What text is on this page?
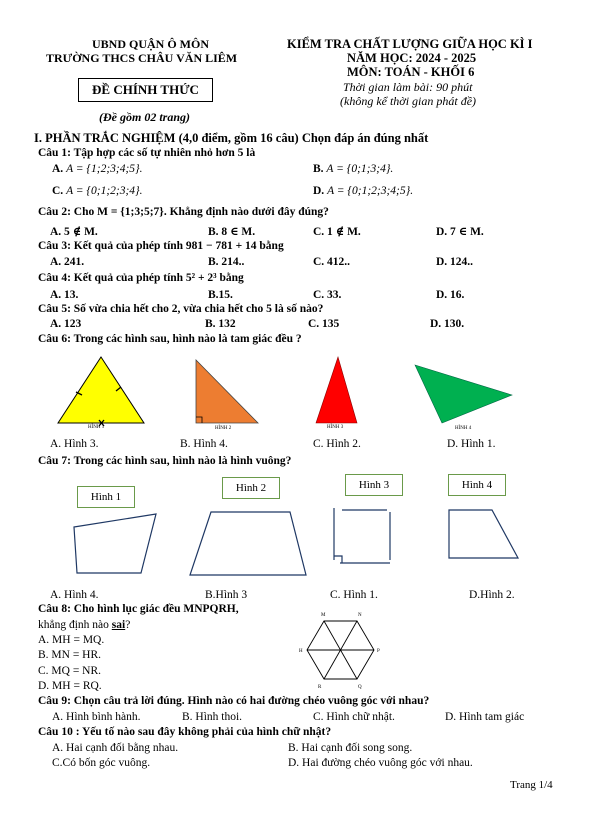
UBND QUẬN Ô MÔN
TRƯỜNG THCS CHÂU VĂN LIÊM
ĐỀ CHÍNH THỨC
(Đề gồm 02 trang)
KIỂM TRA CHẤT LƯỢNG GIỮA HỌC KÌ I
NĂM HỌC: 2024 - 2025
MÔN: TOÁN - KHỐI 6
Thời gian làm bài: 90 phút
(không kể thời gian phát đề)
I. PHẦN TRẮC NGHIỆM (4,0 điểm, gồm 16 câu) Chọn đáp án đúng nhất
Câu 1: Tập hợp các số tự nhiên nhỏ hơn 5 là
A. A = {1;2;3;4;5}.	B. A = {0;1;3;4}.
C. A = {0;1;2;3;4}.	D. A = {0;1;2;3;4;5}.
Câu 2: Cho M = {1;3;5;7}. Khẳng định nào dưới đây đúng?
A. 5 ∉ M.	B. 8 ∈ M.	C. 1 ∉ M.	D. 7 ∈ M.
Câu 3: Kết quả của phép tính 981 − 781 + 14 bằng
A. 241.	B. 214..	C. 412..	D. 124..
Câu 4: Kết quả của phép tính 5² + 2³ bằng
A. 13.	B.15.	C. 33.	D. 16.
Câu 5: Số vừa chia hết cho 2, vừa chia hết cho 5 là số nào?
A. 123	B. 132	C. 135	D. 130.
Câu 6: Trong các hình sau, hình nào là tam giác đều ?
M	N
P
Q
R
H
HÌNH 1	HÌNH 2	HÌNH 3	HÌNH 4
A. Hình 3.	B. Hình 4.	C. Hình 2.	D. Hình 1.
Câu 7: Trong các hình sau, hình nào là hình vuông?
Hình 1
Hình 2	Hình 3	Hình 4
A. Hình 4.	B.Hình 3	C. Hình 1.	D.Hình 2.
Câu 8: Cho hình lục giác đều MNPQRH,
khẳng định nào sai?
A. MH = MQ.
B. MN = HR.
C. MQ = NR.
D. MH = RQ.
Câu 9: Chọn câu trả lời đúng. Hình nào có hai đường chéo vuông góc với nhau?
A. Hình bình hành.	B. Hình thoi.	C. Hình chữ nhật.	D. Hình tam giác
Câu 10 : Yếu tố nào sau đây không phải của hình chữ nhật?
A. Hai cạnh đối bằng nhau.	B. Hai cạnh đối song song.
C.Có bốn góc vuông.	D. Hai đường chéo vuông góc với nhau.
Trang 1/4
